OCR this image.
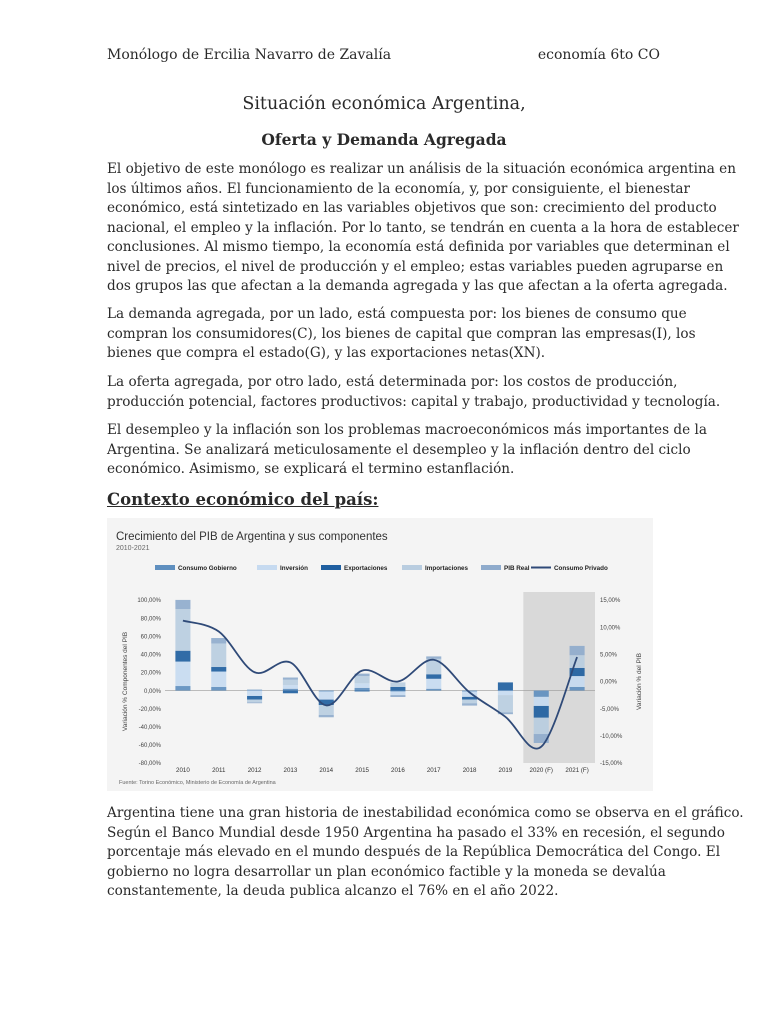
Monólogo de Ercilia Navarro de Zavalía	economía 6to CO
Situación económica Argentina,
Oferta y Demanda Agregada
El objetivo de este monólogo es realizar un análisis de la situación económica argentina en
los últimos años. El funcionamiento de la economía, y, por consiguiente, el bienestar
económico, está sintetizado en las variables objetivos que son: crecimiento del producto
nacional, el empleo y la inflación. Por lo tanto, se tendrán en cuenta a la hora de establecer
conclusiones. Al mismo tiempo, la economía está definida por variables que determinan el
nivel de precios, el nivel de producción y el empleo; estas variables pueden agruparse en
dos grupos las que afectan a la demanda agregada y las que afectan a la oferta agregada.
La demanda agregada, por un lado, está compuesta por: los bienes de consumo que
compran los consumidores(C), los bienes de capital que compran las empresas(I), los
bienes que compra el estado(G), y las exportaciones netas(XN).
La oferta agregada, por otro lado, está determinada por: los costos de producción,
producción potencial, factores productivos: capital y trabajo, productividad y tecnología.
El desempleo y la inflación son los problemas macroeconómicos más importantes de la
Argentina. Se analizará meticulosamente el desempleo y la inflación dentro del ciclo
económico. Asimismo, se explicará el termino estanflación.
Contexto económico del país:
Crecimiento del PIB de Argentina y sus componentes
2010-2021
Consumo Gobierno	Inversión	Exportaciones	Importaciones	PIB Real	Consumo Privado
100,00%
80,00%
60,00%
40,00%
20,00%
0,00%
-20,00%
-40,00%
-60,00%
-80,00%
15,00%
10,00%
5,00%
0,00%
-5,00%
-10,00%
-15,00%
2010	2011	2012	2013	2014	2015	2016	2017	2018	2019	2020 (F) 2021 (F)
Variación % Componentes del PIB	Variación % del PIB
Fuente: Torino Económico, Ministerio de Economía de Argentina
Argentina tiene una gran historia de inestabilidad económica como se observa en el gráfico.
Según el Banco Mundial desde 1950 Argentina ha pasado el 33% en recesión, el segundo
porcentaje más elevado en el mundo después de la República Democrática del Congo. El
gobierno no logra desarrollar un plan económico factible y la moneda se devalúa
constantemente, la deuda publica alcanzo el 76% en el año 2022.
